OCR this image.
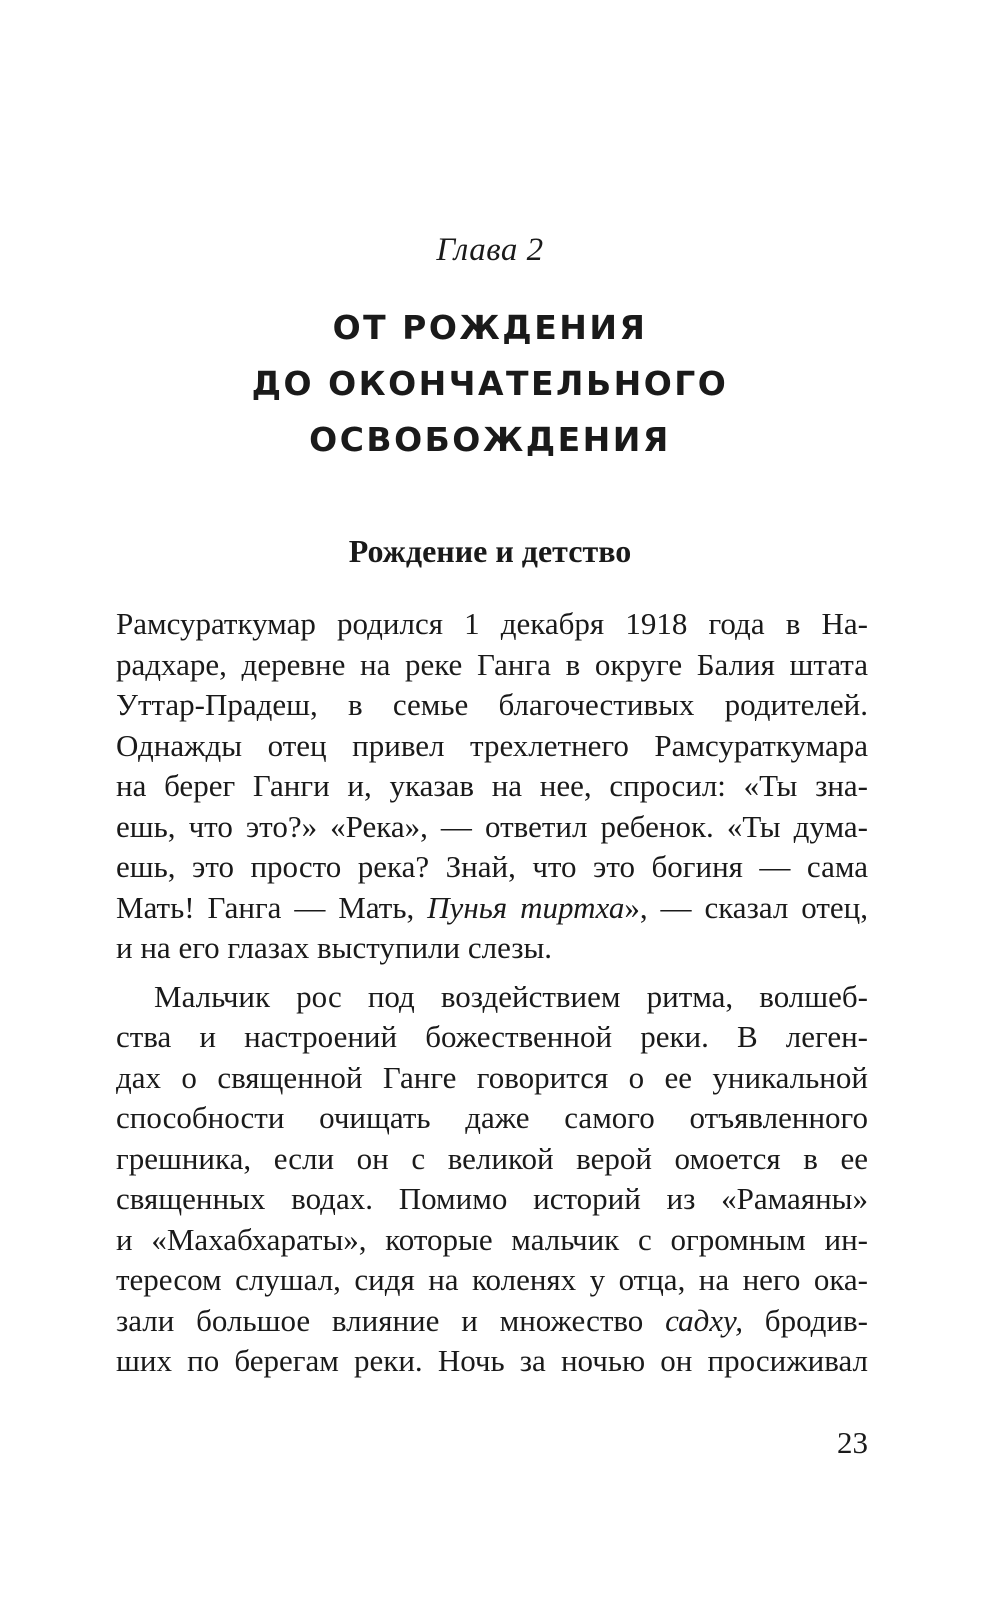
Глава 2
ОТ РОЖДЕНИЯ
ДО ОКОНЧАТЕЛЬНОГО
ОСВОБОЖДЕНИЯ
Рождение и детство
Рамсураткумар родился 1 декабря 1918 года в На-
радхаре, деревне на реке Ганга в округе Балия штата
Уттар-Прадеш, в семье благочестивых родителей.
Однажды отец привел трехлетнего Рамсураткумара
на берег Ганги и, указав на нее, спросил: «Ты зна-
ешь, что это?» «Река», — ответил ребенок. «Ты дума-
ешь, это просто река? Знай, что это богиня — сама
Мать! Ганга — Мать, Пунья тиртха», — сказал отец,
и на его глазах выступили слезы.
Мальчик рос под воздействием ритма, волшеб-
ства и настроений божественной реки. В леген-
дах о священной Ганге говорится о ее уникальной
способности очищать даже самого отъявленного
грешника, если он с великой верой омоется в ее
священных водах. Помимо историй из «Рамаяны»
и «Махабхараты», которые мальчик с огромным ин-
тересом слушал, сидя на коленях у отца, на него ока-
зали большое влияние и множество садху, бродив-
ших по берегам реки. Ночь за ночью он просиживал
23
